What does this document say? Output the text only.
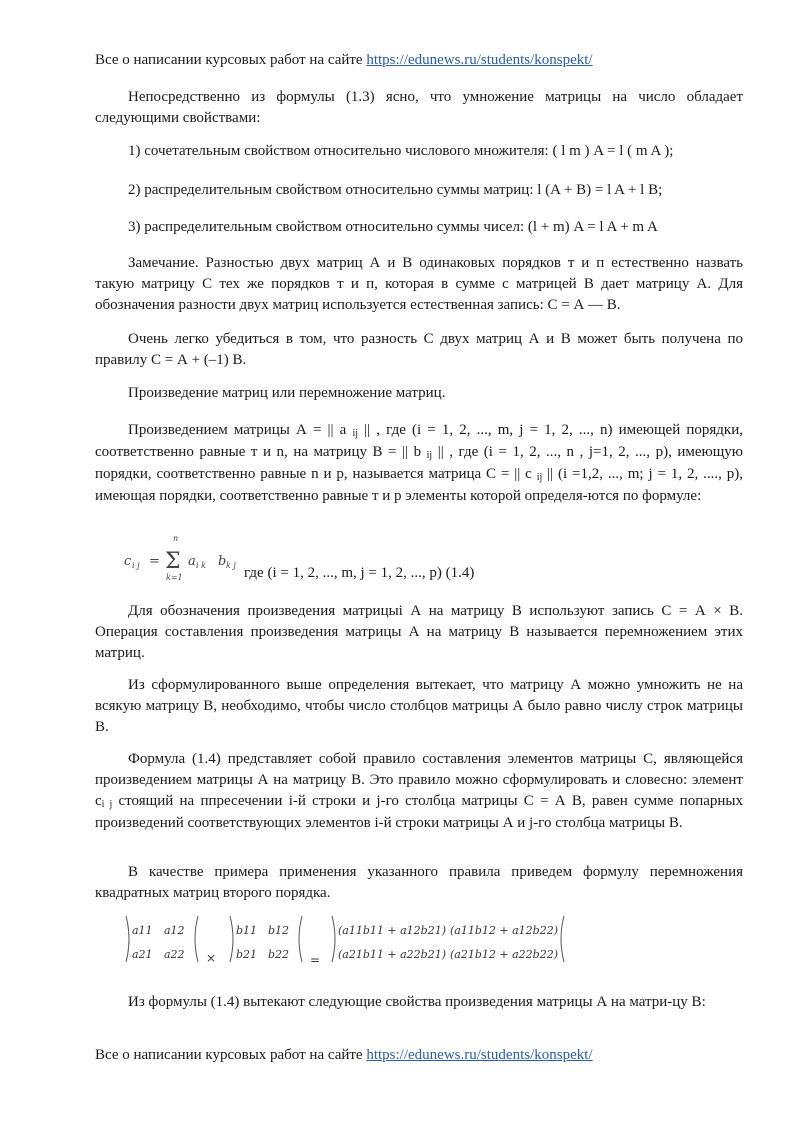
Все о написании курсовых работ на сайте https://edunews.ru/students/konspekt/

Непосредственно из формулы (1.3) ясно, что умножение матрицы на число обладает следующими свойствами:

1) сочетательным свойством относительно числового множителя: ( l m ) A = l ( m A );

2) распределительным свойством относительно суммы матриц: l (A + B) = l A + l B;

3) распределительным свойством относительно суммы чисел: (l + m) A = l A + m A

Замечание. Разностью двух матриц А и В одинаковых порядков т и п естественно назвать такую матрицу С тех же порядков т и п, которая в сумме с матрицей В дает матрицу А. Для обозначения разности двух матриц используется естественная запись: С = А — В.

Очень легко убедиться в том, что разность С двух матриц А и В может быть получена по правилу С = А + (–1) В.

Произведение матриц или перемножение матриц.

Произведением матрицы А = || a ij || , где (i = 1, 2, ..., m, j = 1, 2, ..., n) имеющей порядки, соответственно равные т и n, на матрицу В = || b ij || , где (i = 1, 2, ..., n , j=1, 2, ..., p), имеющую порядки, соответственно равные n и р, называется матрица С = || с ij || (i =1,2, ..., m; j = 1, 2, ...., p), имеющая порядки, соответственно равные т и р элементы которой определя-ются по формуле:

c i j =
n
Σ
k=1
a i k b k j где (i = 1, 2, ..., m, j = 1, 2, ..., p) (1.4)

Для обозначения произведения матрицыi А на матрицу В используют запись С = А × В. Операция составления произведения матрицы А на матрицу В называется перемножением этих матриц.

Из сформулированного выше определения вытекает, что матрицу А можно умножить не на всякую матрицу В, необходимо, чтобы число столбцов матрицы А было равно числу строк матрицы В.

Формула (1.4) представляет собой правило составления элементов матрицы С, являющейся произведением матрицы А на матрицу В. Это правило можно сформулировать и словесно: элемент ci j стоящий на ппресечении i-й строки и j-го столбца матрицы С = А В, равен сумме попарных произведений соответствующих элементов i-й строки матрицы А и j-го столбца матрицы В.

В качестве примера применения указанного правила приведем формулу перемножения квадратных матриц второго порядка.

a11 a12
a21 a22 ×
b11 b12
b21 b22 =
(a11b11 + a12b21) (a11b12 + a12b22)
(a21b11 + a22b21) (a21b12 + a22b22)

Из формулы (1.4) вытекают следующие свойства произведения матрицы А на матри-цу В:

Все о написании курсовых работ на сайте https://edunews.ru/students/konspekt/
